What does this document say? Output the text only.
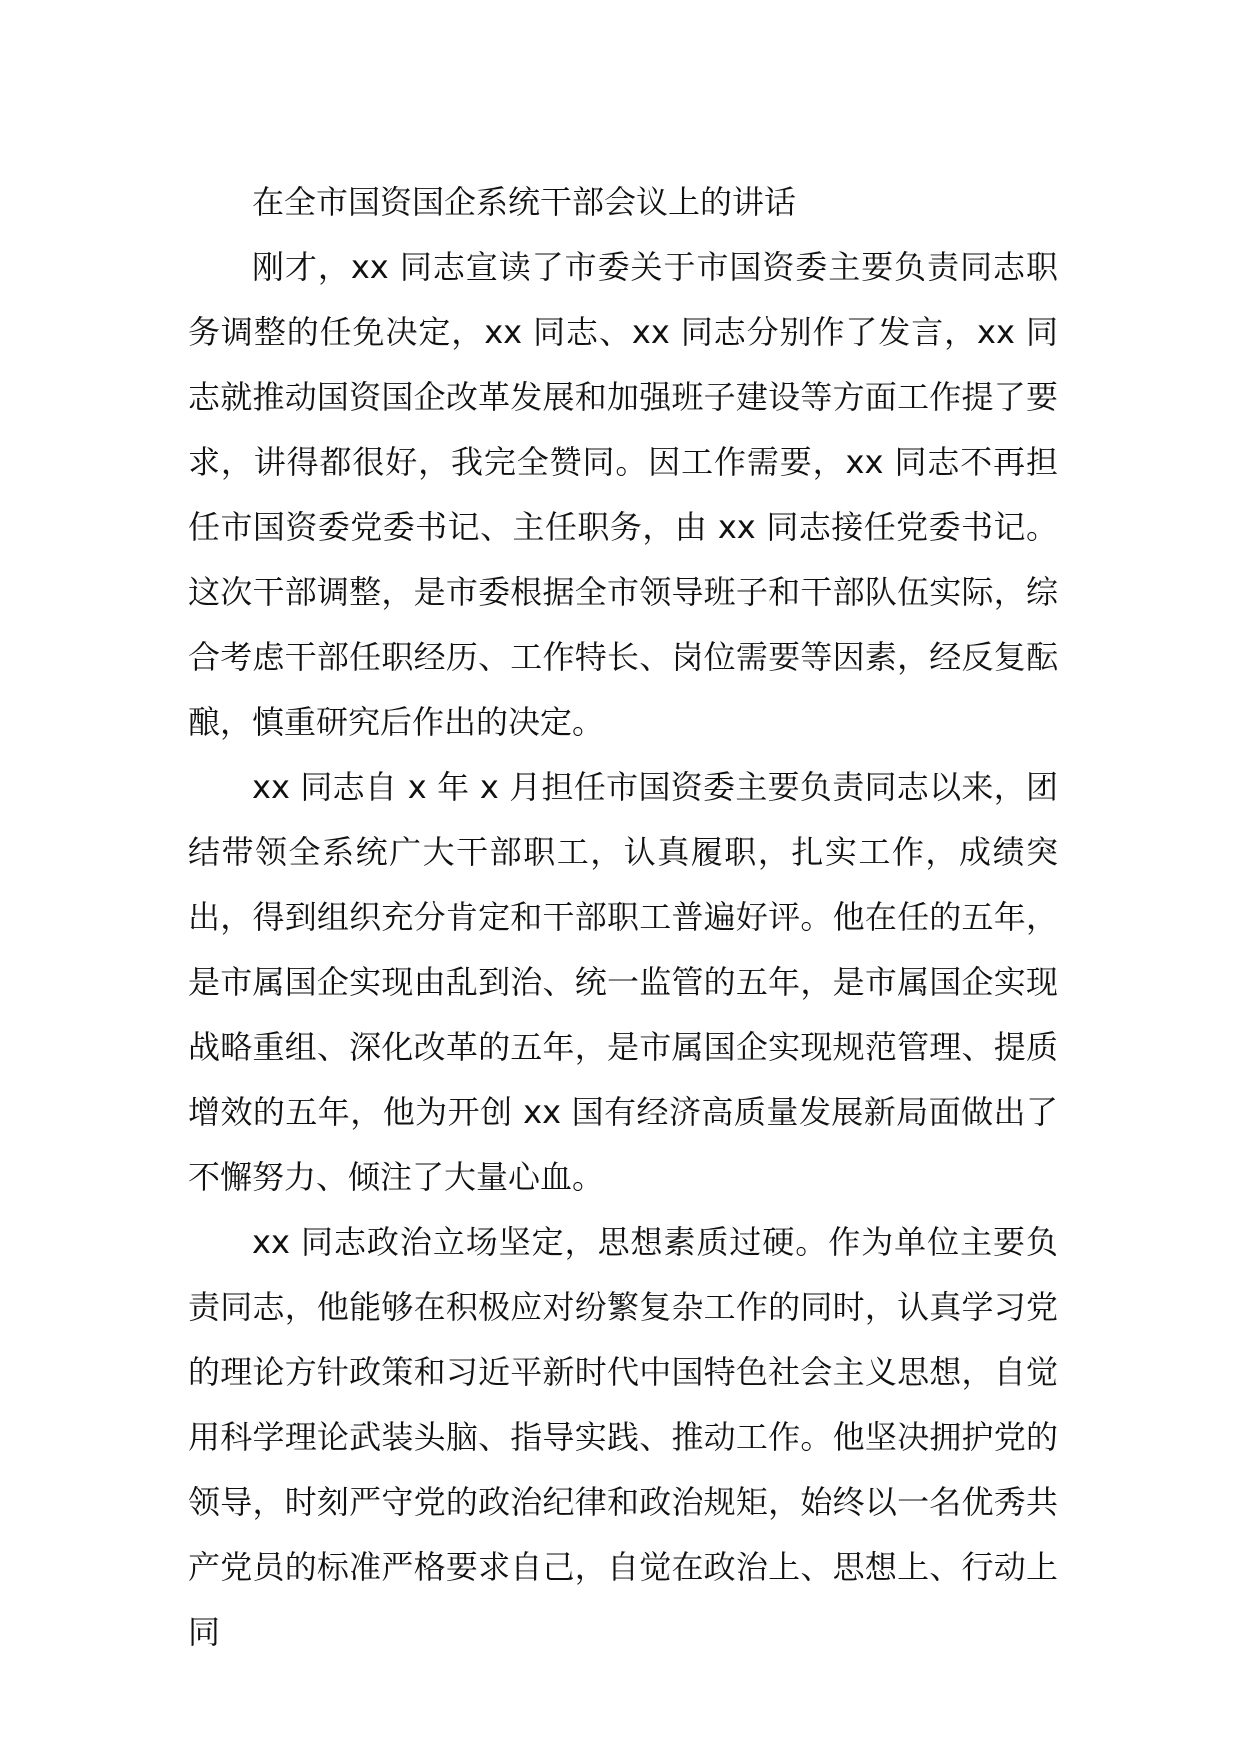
在全市国资国企系统干部会议上的讲话

刚才，xx 同志宣读了市委关于市国资委主要负责同志职务调整的任免决定，xx 同志、xx 同志分别作了发言，xx 同志就推动国资国企改革发展和加强班子建设等方面工作提了要求，讲得都很好，我完全赞同。因工作需要，xx 同志不再担任市国资委党委书记、主任职务，由 xx 同志接任党委书记。这次干部调整，是市委根据全市领导班子和干部队伍实际，综合考虑干部任职经历、工作特长、岗位需要等因素，经反复酝酿，慎重研究后作出的决定。

xx 同志自 x 年 x 月担任市国资委主要负责同志以来，团结带领全系统广大干部职工，认真履职，扎实工作，成绩突出，得到组织充分肯定和干部职工普遍好评。他在任的五年，是市属国企实现由乱到治、统一监管的五年，是市属国企实现战略重组、深化改革的五年，是市属国企实现规范管理、提质增效的五年，他为开创 xx 国有经济高质量发展新局面做出了不懈努力、倾注了大量心血。

xx 同志政治立场坚定，思想素质过硬。作为单位主要负责同志，他能够在积极应对纷繁复杂工作的同时，认真学习党的理论方针政策和习近平新时代中国特色社会主义思想，自觉用科学理论武装头脑、指导实践、推动工作。他坚决拥护党的领导，时刻严守党的政治纪律和政治规矩，始终以一名优秀共产党员的标准严格要求自己，自觉在政治上、思想上、行动上同
